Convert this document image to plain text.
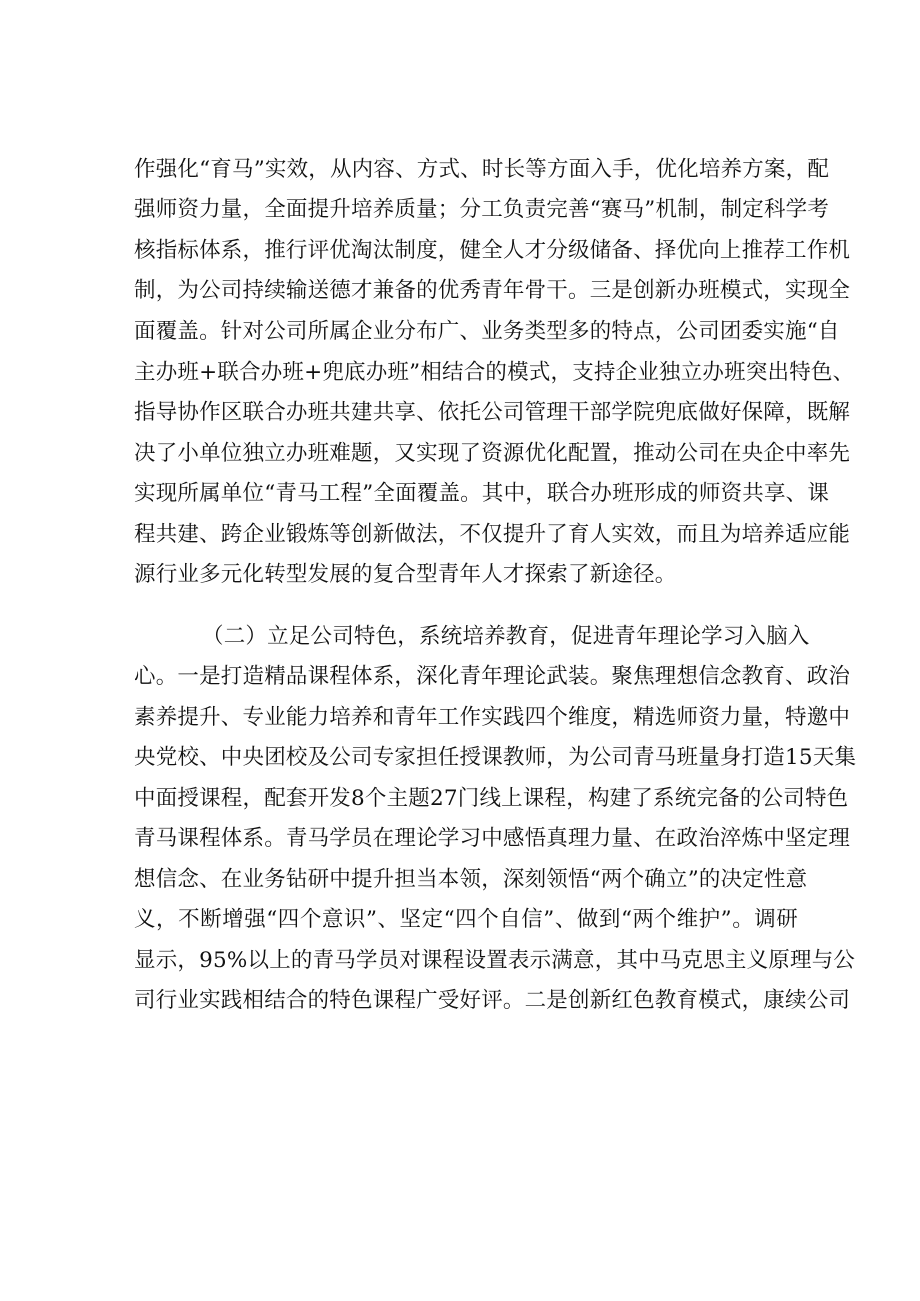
作强化“育马”实效，从内容、方式、时长等方面入手，优化培养方案，配
强师资力量，全面提升培养质量；分工负责完善“赛马”机制，制定科学考
核指标体系，推行评优淘汰制度，健全人才分级储备、择优向上推荐工作机
制，为公司持续输送德才兼备的优秀青年骨干。三是创新办班模式，实现全
面覆盖。针对公司所属企业分布广、业务类型多的特点，公司团委实施“自
主办班+联合办班+兜底办班”相结合的模式，支持企业独立办班突出特色、
指导协作区联合办班共建共享、依托公司管理干部学院兜底做好保障，既解
决了小单位独立办班难题，又实现了资源优化配置，推动公司在央企中率先
实现所属单位“青马工程”全面覆盖。其中，联合办班形成的师资共享、课
程共建、跨企业锻炼等创新做法，不仅提升了育人实效，而且为培养适应能
源行业多元化转型发展的复合型青年人才探索了新途径。
（二）立足公司特色，系统培养教育，促进青年理论学习入脑入
心。一是打造精品课程体系，深化青年理论武装。聚焦理想信念教育、政治
素养提升、专业能力培养和青年工作实践四个维度，精选师资力量，特邀中
央党校、中央团校及公司专家担任授课教师，为公司青马班量身打造15天集
中面授课程，配套开发8个主题27门线上课程，构建了系统完备的公司特色
青马课程体系。青马学员在理论学习中感悟真理力量、在政治淬炼中坚定理
想信念、在业务钻研中提升担当本领，深刻领悟“两个确立”的决定性意
义，不断增强“四个意识”、坚定“四个自信”、做到“两个维护”。调研
显示，95%以上的青马学员对课程设置表示满意，其中马克思主义原理与公
司行业实践相结合的特色课程广受好评。二是创新红色教育模式，康续公司
